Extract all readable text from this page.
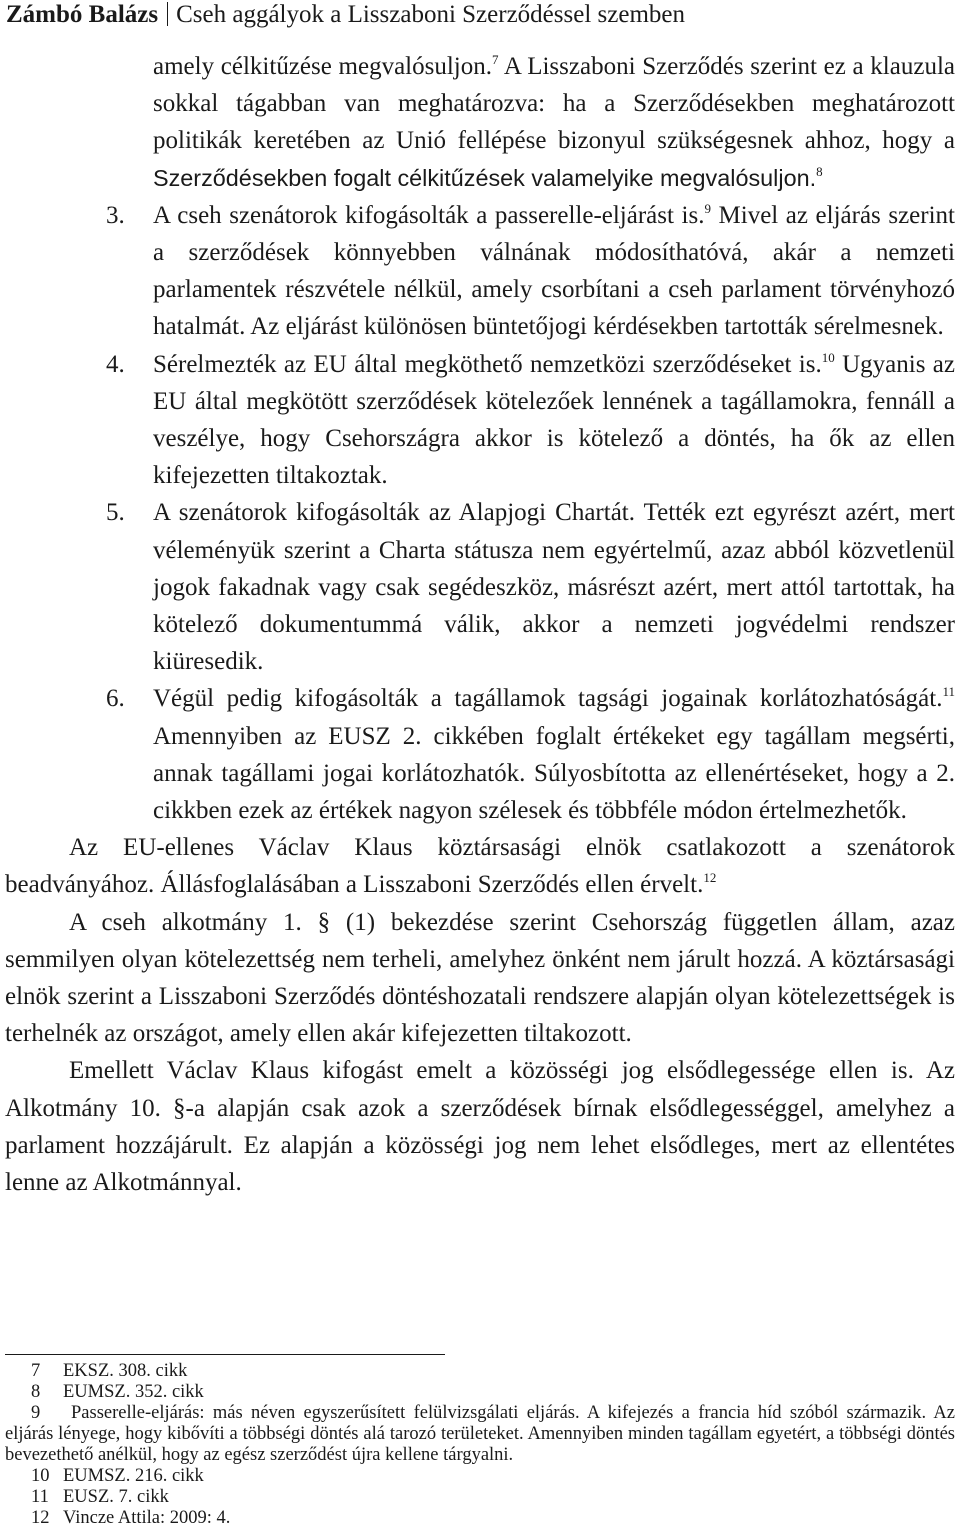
Zámbó Balázs Cseh aggályok a Lisszaboni Szerződéssel szemben

amely célkitűzése megvalósuljon.$^7$ A Lisszaboni Szerződés szerint ez a klauzula sokkal tágabban van meghatározva: ha a Szerződésekben meghatározott politikák keretében az Unió fellépése bizonyul szükségesnek ahhoz, hogy a Szerződésekben fogalt célkitűzések valamelyike megvalósuljon.$^8$

3. A cseh szenátorok kifogásolták a passerelle-eljárást is.$^9$ Mivel az eljárás szerint a szerződések könnyebben válnának módosíthatóvá, akár a nemzeti parlamentek részvétele nélkül, amely csorbítani a cseh parlament törvényhozó hatalmát. Az eljárást különösen büntetőjogi kérdésekben tartották sérelmesnek.

4. Sérelmezték az EU által megköthető nemzetközi szerződéseket is.$^{10}$ Ugyanis az EU által megkötött szerződések kötelezőek lennének a tagállamokra, fennáll a veszélye, hogy Csehországra akkor is kötelező a döntés, ha ők az ellen kifejezetten tiltakoztak.

5. A szenátorok kifogásolták az Alapjogi Chartát. Tették ezt egyrészt azért, mert véleményük szerint a Charta státusza nem egyértelmű, azaz abból közvetlenül jogok fakadnak vagy csak segédeszköz, másrészt azért, mert attól tartottak, ha kötelező dokumentummá válik, akkor a nemzeti jogvédelmi rendszer kiüresedik.

6. Végül pedig kifogásolták a tagállamok tagsági jogainak korlátozhatóságát.$^{11}$ Amennyiben az EUSZ 2. cikkében foglalt értékeket egy tagállam megsérti, annak tagállami jogai korlátozhatók. Súlyosbította az ellenértéseket, hogy a 2. cikkben ezek az értékek nagyon szélesek és többféle módon értelmezhetők.

Az EU-ellenes Václav Klaus köztársasági elnök csatlakozott a szenátorok beadványához. Állásfoglalásában a Lisszaboni Szerződés ellen érvelt.$^{12}$

A cseh alkotmány 1. § (1) bekezdése szerint Csehország független állam, azaz semmilyen olyan kötelezettség nem terheli, amelyhez önként nem járult hozzá. A köztársasági elnök szerint a Lisszaboni Szerződés döntéshozatali rendszere alapján olyan kötelezettségek is terhelnék az országot, amely ellen akár kifejezetten tiltakozott.

Emellett Václav Klaus kifogást emelt a közösségi jog elsődlegessége ellen is. Az Alkotmány 10. §-a alapján csak azok a szerződések bírnak elsődlegességgel, amelyhez a parlament hozzájárult. Ez alapján a közösségi jog nem lehet elsődleges, mert az ellentétes lenne az Alkotmánnyal.

7 EKSZ. 308. cikk

8 EUMSZ. 352. cikk

9 Passerelle-eljárás: más néven egyszerűsített felülvizsgálati eljárás. A kifejezés a francia híd szóból származik. Az eljárás lényege, hogy kibővíti a többségi döntés alá tarozó területeket. Amennyiben minden tagállam egyetért, a többségi döntés bevezethető anélkül, hogy az egész szerződést újra kellene tárgyalni.

10 EUMSZ. 216. cikk

11 EUSZ. 7. cikk

12 Vincze Attila: 2009: 4.
